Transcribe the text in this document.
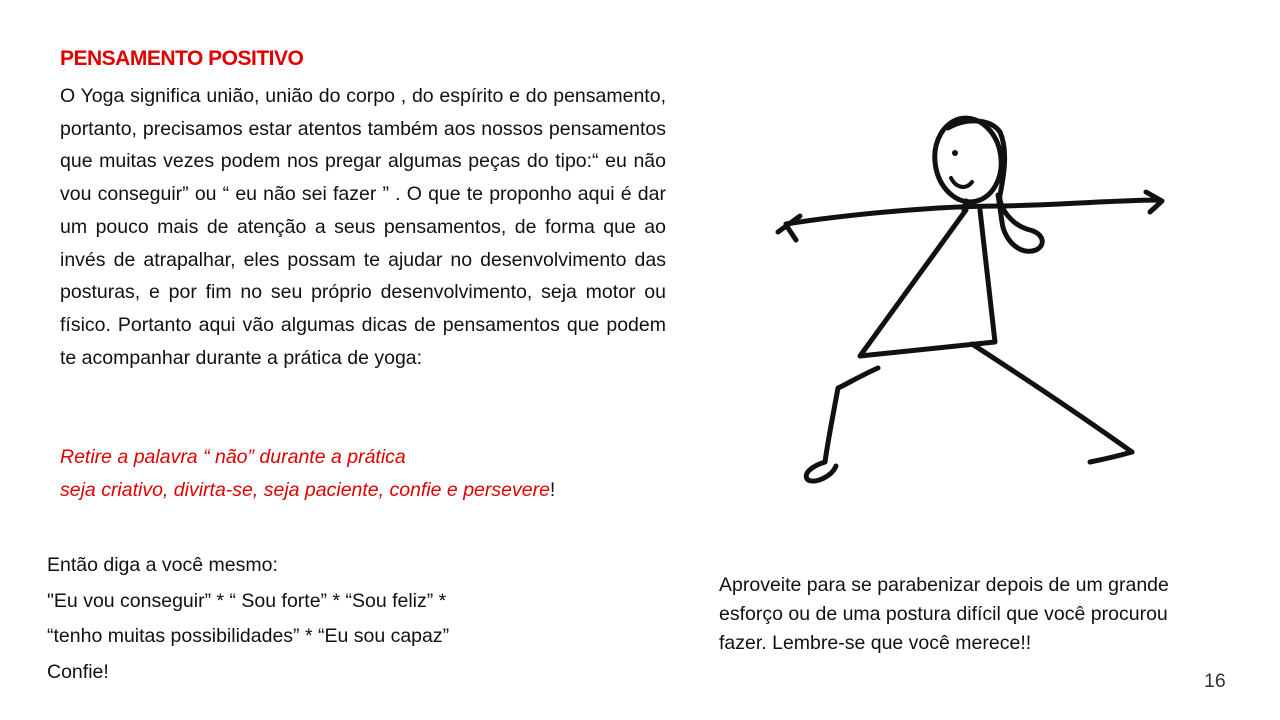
PENSAMENTO POSITIVO
O Yoga significa união, união do corpo , do espírito e do pensamento, portanto, precisamos estar atentos também aos nossos pensamentos que muitas vezes podem nos pregar algumas peças do tipo:“ eu não vou conseguir” ou “ eu não sei fazer ” . O que te proponho aqui é dar um pouco mais de atenção a seus pensamentos, de forma que ao invés de atrapalhar, eles possam te ajudar no desenvolvimento das posturas, e por fim no seu próprio desenvolvimento, seja motor ou físico. Portanto aqui vão algumas dicas de pensamentos que podem te acompanhar durante a prática de yoga:
Retire a palavra “ não” durante a prática
seja criativo, divirta-se, seja paciente, confie e persevere!
Então diga a você mesmo:
"Eu vou conseguir” * “ Sou forte” * “Sou feliz” *
“tenho muitas possibilidades” * “Eu sou capaz”
Confie!
Aproveite para se parabenizar depois de um grande esforço ou de uma postura difícil que você procurou fazer. Lembre-se que você merece!!
16
